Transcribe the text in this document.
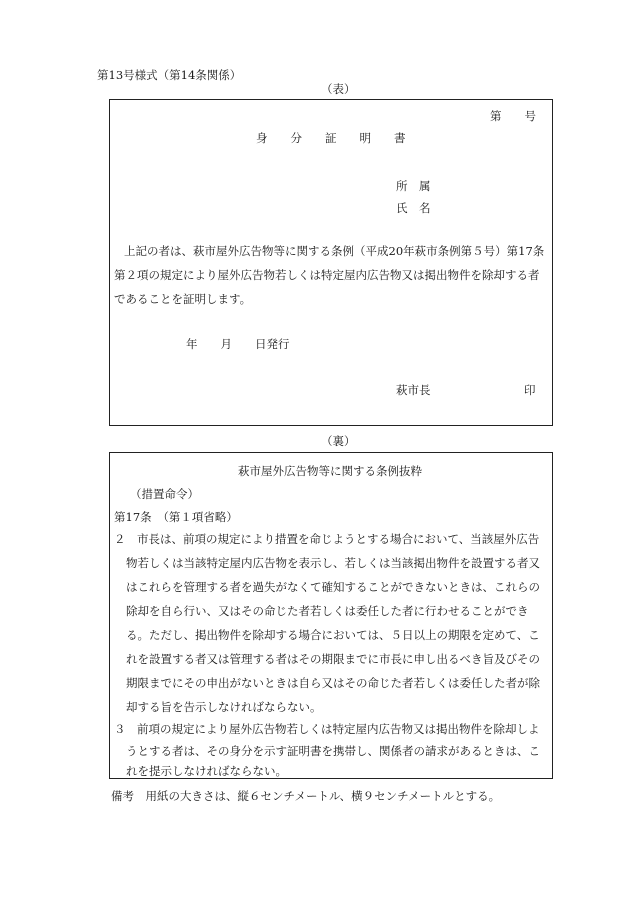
第13号様式（第14条関係）
（表）
第　　号
身　　分　　証　　明　　書
所　属
氏　名
上記の者は、萩市屋外広告物等に関する条例（平成20年萩市条例第５号）第17条
第２項の規定により屋外広告物若しくは特定屋内広告物又は掲出物件を除却する者
であることを証明します。
年　　月　　日発行
萩市長	印
（裏）
萩市屋外広告物等に関する条例抜粋
（措置命令）
第17条　（第１項省略）
２　市長は、前項の規定により措置を命じようとする場合において、当該屋外広告
物若しくは当該特定屋内広告物を表示し、若しくは当該掲出物件を設置する者又
はこれらを管理する者を過失がなくて確知することができないときは、これらの
除却を自ら行い、又はその命じた者若しくは委任した者に行わせることができ
る。ただし、掲出物件を除却する場合においては、５日以上の期限を定めて、こ
れを設置する者又は管理する者はその期限までに市長に申し出るべき旨及びその
期限までにその申出がないときは自ら又はその命じた者若しくは委任した者が除
却する旨を告示しなければならない。
３　前項の規定により屋外広告物若しくは特定屋内広告物又は掲出物件を除却しよ
うとする者は、その身分を示す証明書を携帯し、関係者の請求があるときは、こ
れを提示しなければならない。
備考　用紙の大きさは、縦６センチメートル、横９センチメートルとする。
